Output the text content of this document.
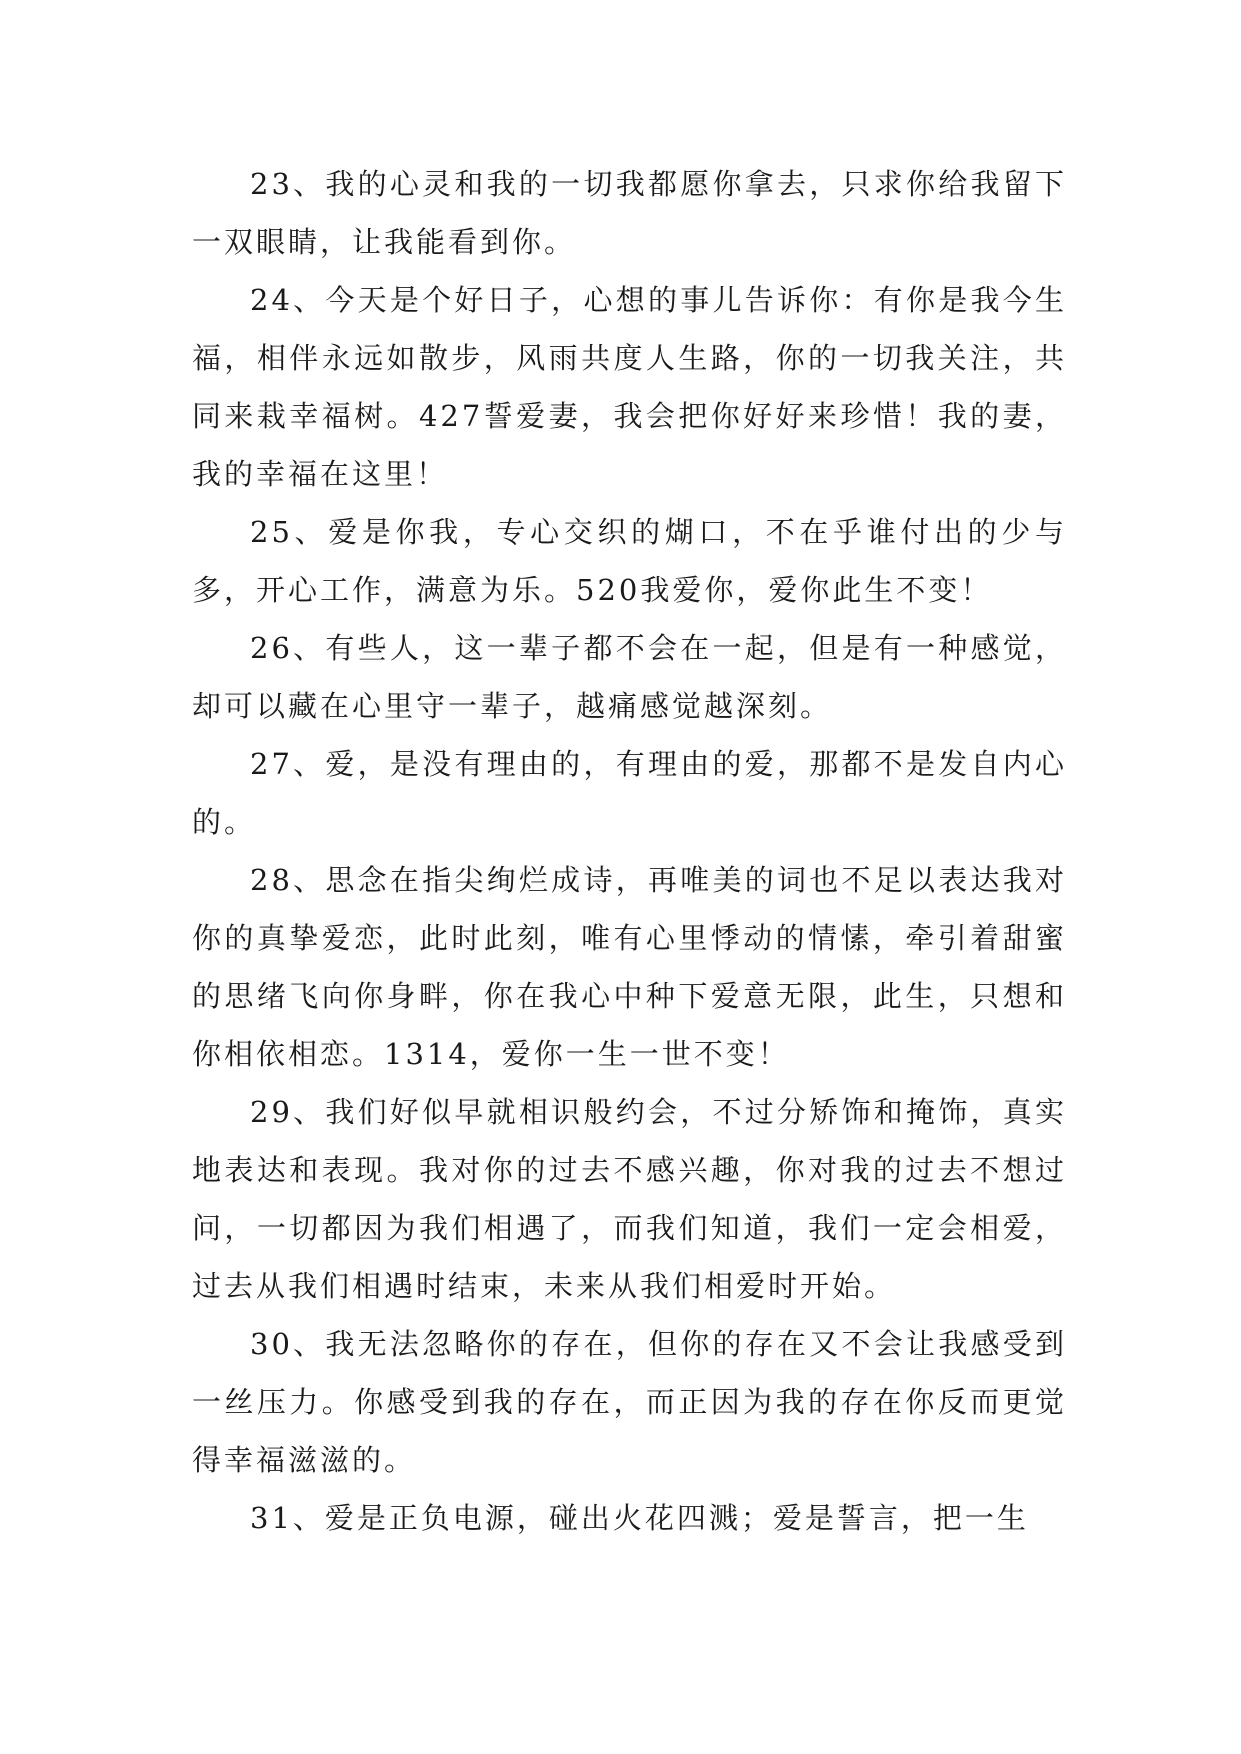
23、我的心灵和我的一切我都愿你拿去，只求你给我留下一双眼睛，让我能看到你。

24、今天是个好日子，心想的事儿告诉你：有你是我今生福，相伴永远如散步，风雨共度人生路，你的一切我关注，共同来栽幸福树。427誓爱妻，我会把你好好来珍惜！我的妻，我的幸福在这里！

25、爱是你我，专心交织的煳口，不在乎谁付出的少与多，开心工作，满意为乐。520我爱你，爱你此生不变！

26、有些人，这一辈子都不会在一起，但是有一种感觉，却可以藏在心里守一辈子，越痛感觉越深刻。

27、爱，是没有理由的，有理由的爱，那都不是发自内心的。

28、思念在指尖绚烂成诗，再唯美的词也不足以表达我对你的真挚爱恋，此时此刻，唯有心里悸动的情愫，牵引着甜蜜的思绪飞向你身畔，你在我心中种下爱意无限，此生，只想和你相依相恋。1314，爱你一生一世不变！

29、我们好似早就相识般约会，不过分矫饰和掩饰，真实地表达和表现。我对你的过去不感兴趣，你对我的过去不想过问，一切都因为我们相遇了，而我们知道，我们一定会相爱，过去从我们相遇时结束，未来从我们相爱时开始。

30、我无法忽略你的存在，但你的存在又不会让我感受到一丝压力。你感受到我的存在，而正因为我的存在你反而更觉得幸福滋滋的。

31、爱是正负电源，碰出火花四溅；爱是誓言，把一生
